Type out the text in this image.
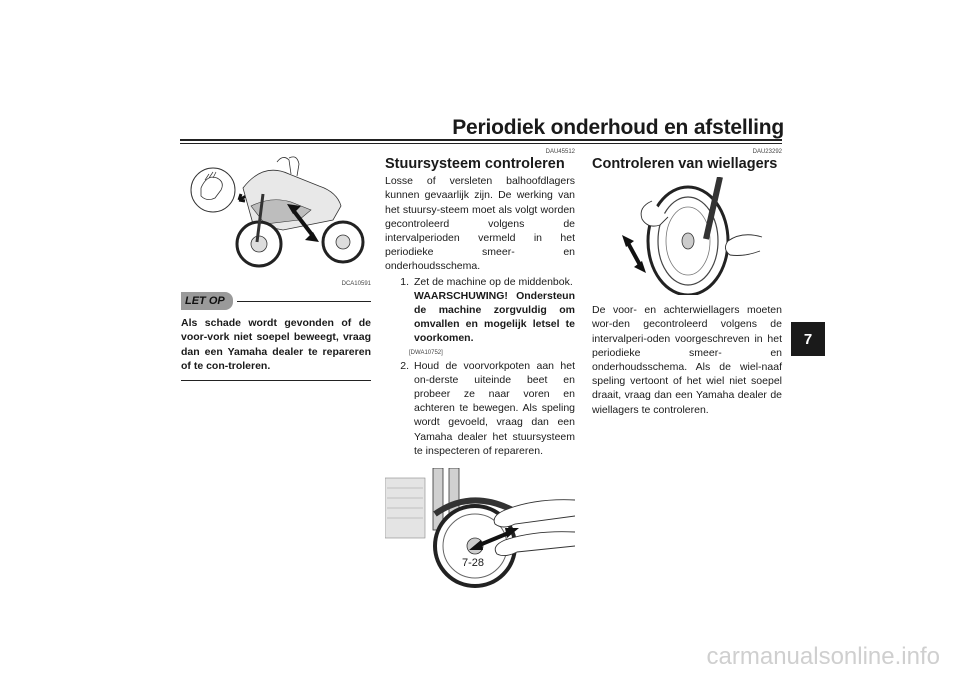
Periodiek onderhoud en afstelling
7
DCA10591
LET OP
Als schade wordt gevonden of de voor-vork niet soepel beweegt, vraag dan een Yamaha dealer te repareren of te con-troleren.
DAU45512
Stuursysteem controleren

Losse of versleten balhoofdlagers kunnen gevaarlijk zijn. De werking van het stuursy-steem moet als volgt worden gecontroleerd volgens de intervalperioden vermeld in het periodieke smeer- en onderhoudsschema.

1. Zet de machine op de middenbok.
WAARSCHUWING! Ondersteun de machine zorgvuldig om omvallen en mogelijk letsel te voorkomen.
[DWA10752]
2. Houd de voorvorkpoten aan het on-derste uiteinde beet en probeer ze naar voren en achteren te bewegen. Als speling wordt gevoeld, vraag dan een Yamaha dealer het stuursysteem te inspecteren of repareren.
DAU23292
Controleren van wiellagers

De voor- en achterwiellagers moeten wor-den gecontroleerd volgens de intervalperi-oden voorgeschreven in het periodieke smeer- en onderhoudsschema. Als de wiel-naaf speling vertoont of het wiel niet soepel draait, vraag dan een Yamaha dealer de wiellagers te controleren.

7-28
carmanualsonline.info
